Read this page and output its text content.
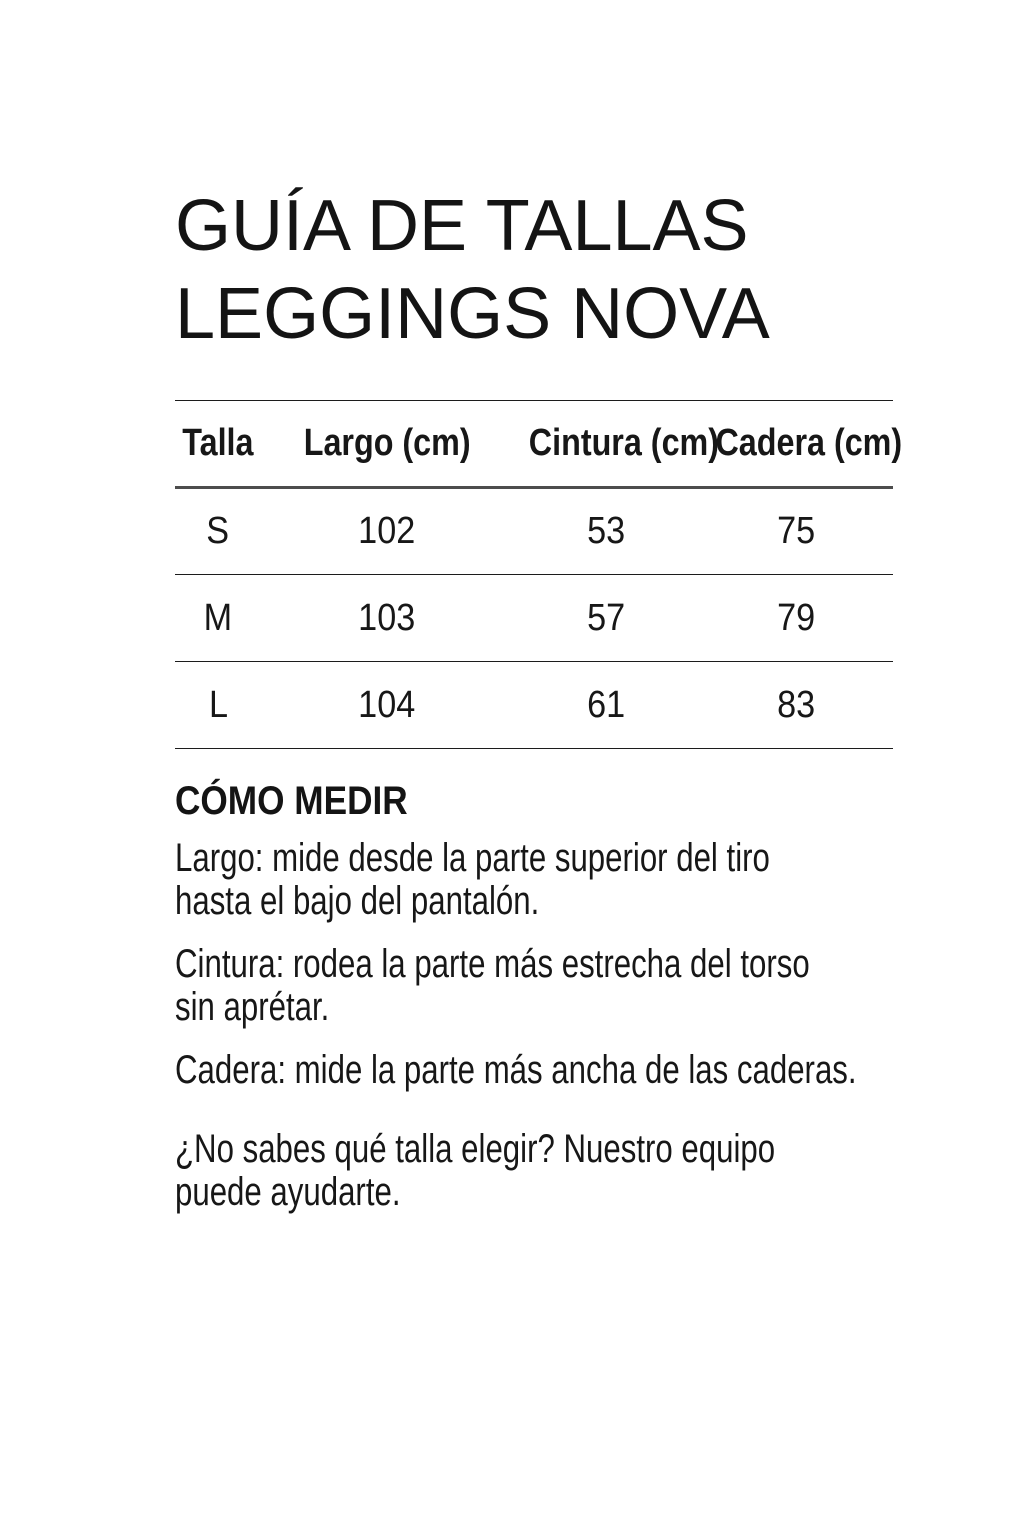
GUÍA DE TALLAS
LEGGINGS NOVA
Talla	Largo (cm)	Cintura (cm)	Cadera (cm)
S	102	53	75
M	103	57	79
L	104	61	83
CÓMO MEDIR
Largo: mide desde la parte superior del tiro
hasta el bajo del pantalón.
Cintura: rodea la parte más estrecha del torso
sin aprétar.
Cadera: mide la parte más ancha de las caderas.
¿No sabes qué talla elegir? Nuestro equipo
puede ayudarte.
